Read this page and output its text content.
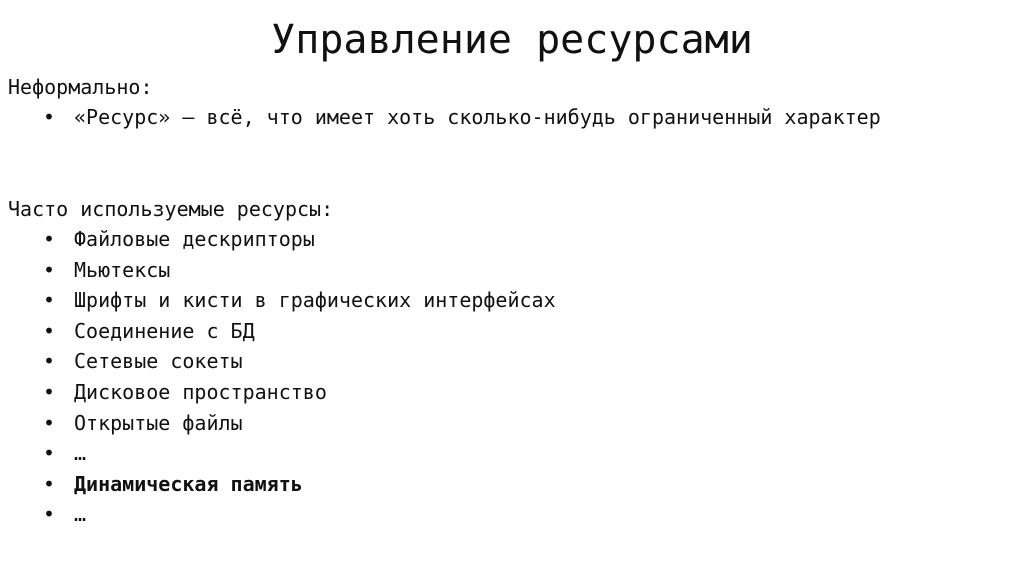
Управление ресурсами

Неформально:

• «Ресурс» — всё, что имеет хоть сколько-нибудь ограниченный характер

Часто используемые ресурсы:

• Файловые дескрипторы
• Мьютексы
• Шрифты и кисти в графических интерфейсах
• Соединение с БД
• Сетевые сокеты
• Дисковое пространство
• Открытые файлы
• …
• Динамическая память
• …
